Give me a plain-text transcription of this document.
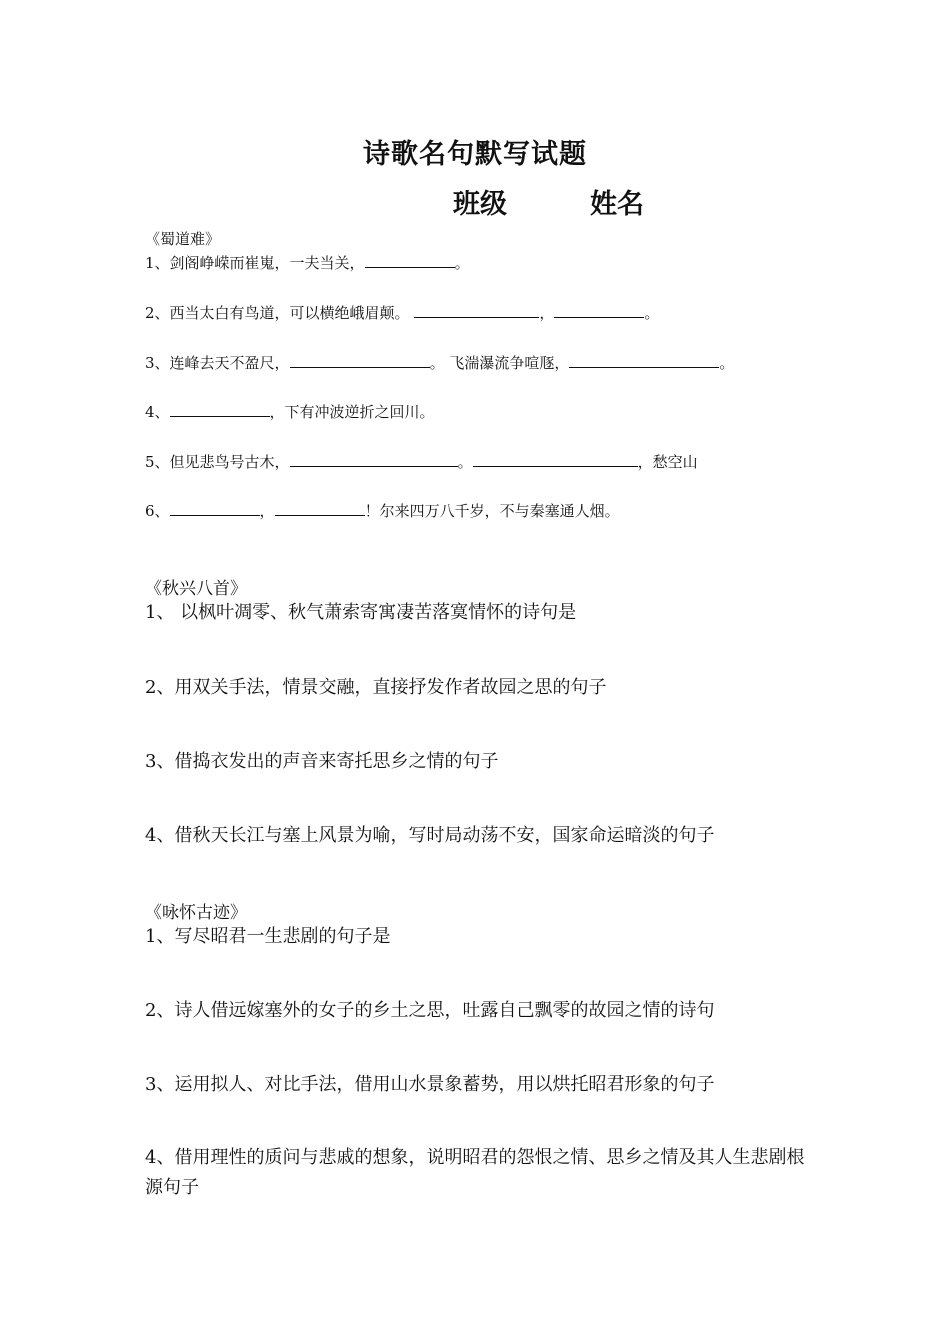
诗歌名句默写试题
班级	姓名
《蜀道难》
1、剑阁峥嵘而崔嵬，一夫当关，	。
2、西当太白有鸟道，可以横绝峨眉颠。	，	。
3、连峰去天不盈尺，	。 飞湍瀑流争喧豗，	。
4、	，下有冲波逆折之回川。
5、但见悲鸟号古木，	。	，愁空山
6、	，	！尔来四万八千岁，不与秦塞通人烟。
《秋兴八首》
1、 以枫叶凋零、秋气萧索寄寓凄苦落寞情怀的诗句是
2、用双关手法，情景交融，直接抒发作者故园之思的句子
3、借捣衣发出的声音来寄托思乡之情的句子
4、借秋天长江与塞上风景为喻，写时局动荡不安，国家命运暗淡的句子
《咏怀古迹》
1、写尽昭君一生悲剧的句子是
2、诗人借远嫁塞外的女子的乡土之思，吐露自己飘零的故园之情的诗句
3、运用拟人、对比手法，借用山水景象蓄势，用以烘托昭君形象的句子
4、借用理性的质问与悲戚的想象，说明昭君的怨恨之情、思乡之情及其人生悲剧根源句子
